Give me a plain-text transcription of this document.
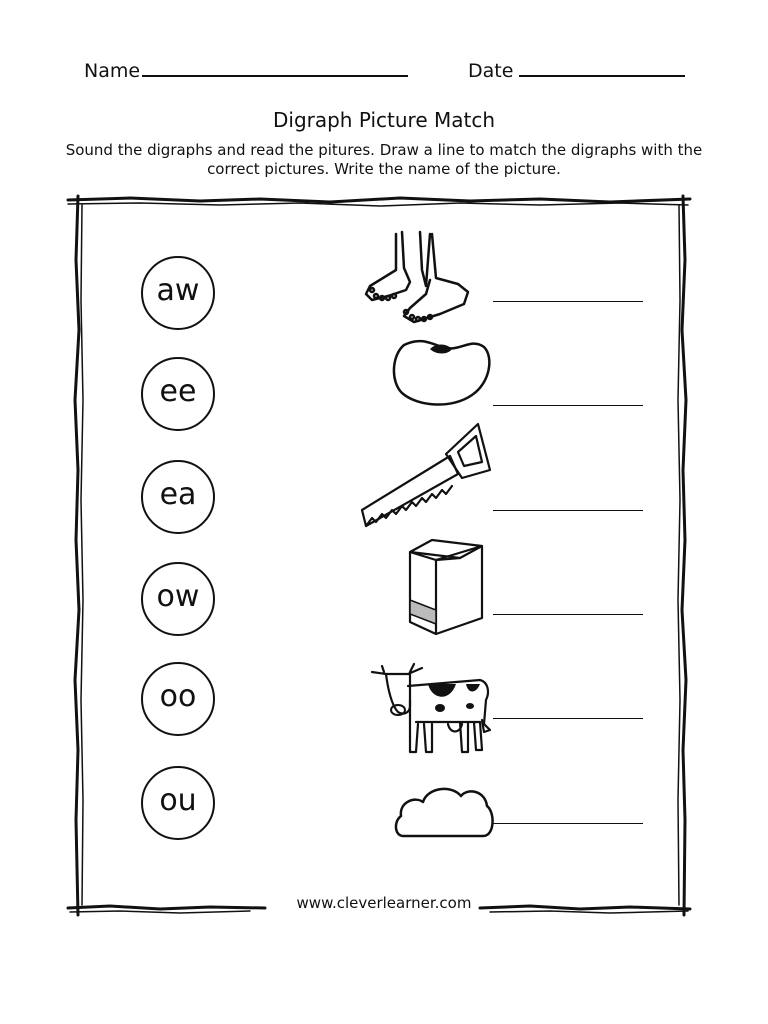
Name	Date
Digraph Picture Match
Sound the digraphs and read the pitures. Draw a line to match the digraphs with the correct pictures. Write the name of the picture.
aw
ee
ea
ow
oo
ou
www.cleverlearner.com
